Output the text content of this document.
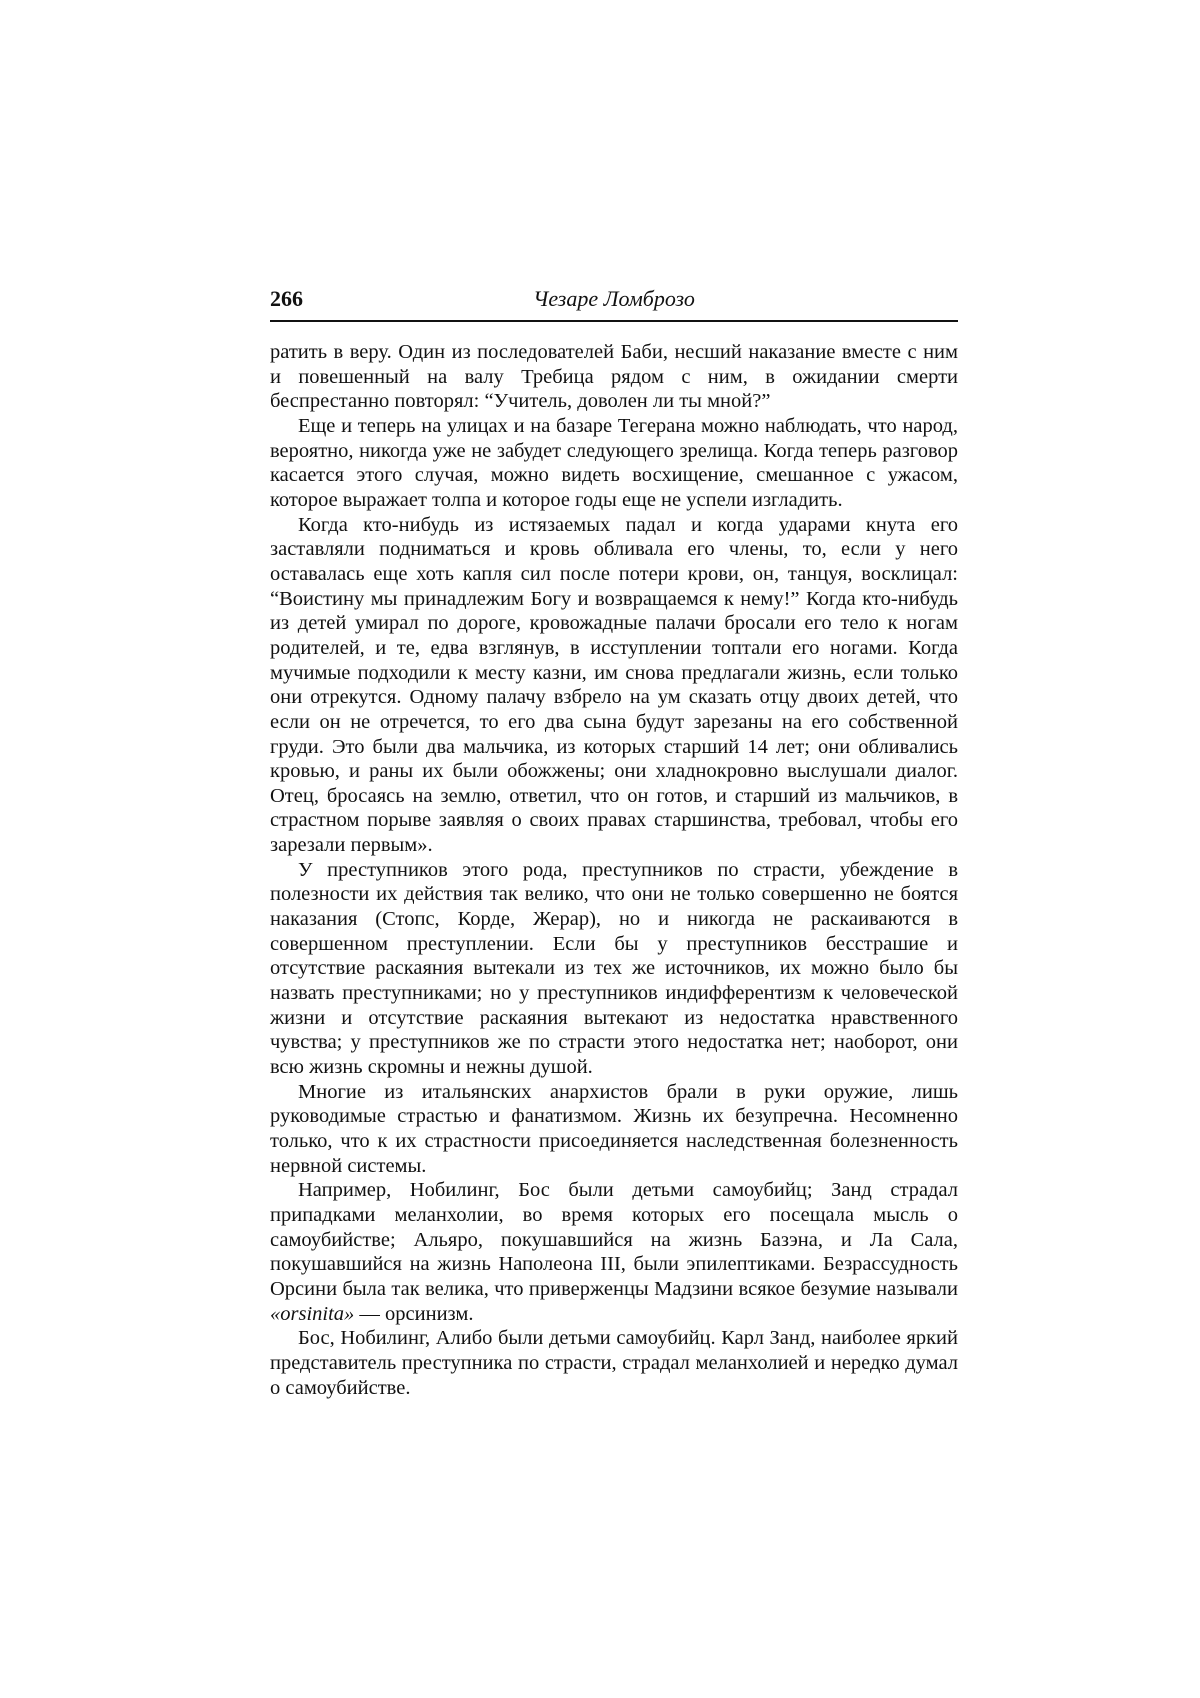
266	Чезаре Ломброзо

ратить в веру. Один из последователей Баби, несший наказание вместе с ним и повешенный на валу Требица рядом с ним, в ожидании смерти беспрестанно повторял: “Учитель, доволен ли ты мной?”

Еще и теперь на улицах и на базаре Тегерана можно наблюдать, что народ, вероятно, никогда уже не забудет следующего зрелища. Когда теперь разговор касается этого случая, можно видеть восхищение, смешанное с ужасом, которое выражает толпа и которое годы еще не успели изгладить.

Когда кто-нибудь из истязаемых падал и когда ударами кнута его заставляли подниматься и кровь обливала его члены, то, если у него оставалась еще хоть капля сил после потери крови, он, танцуя, восклицал: “Воистину мы принадлежим Богу и возвращаемся к нему!” Когда кто-нибудь из детей умирал по дороге, кровожадные палачи бросали его тело к ногам родителей, и те, едва взглянув, в исступлении топтали его ногами. Когда мучимые подходили к месту казни, им снова предлагали жизнь, если только они отрекутся. Одному палачу взбрело на ум сказать отцу двоих детей, что если он не отречется, то его два сына будут зарезаны на его собственной груди. Это были два мальчика, из которых старший 14 лет; они обливались кровью, и раны их были обожжены; они хладнокровно выслушали диалог. Отец, бросаясь на землю, ответил, что он готов, и старший из мальчиков, в страстном порыве заявляя о своих правах старшинства, требовал, чтобы его зарезали первым».

У преступников этого рода, преступников по страсти, убеждение в полезности их действия так велико, что они не только совершенно не боятся наказания (Стопс, Корде, Жерар), но и никогда не раскаиваются в совершенном преступлении. Если бы у преступников бесстрашие и отсутствие раскаяния вытекали из тех же источников, их можно было бы назвать преступниками; но у преступников индифферентизм к человеческой жизни и отсутствие раскаяния вытекают из недостатка нравственного чувства; у преступников же по страсти этого недостатка нет; наоборот, они всю жизнь скромны и нежны душой.

Многие из итальянских анархистов брали в руки оружие, лишь руководимые страстью и фанатизмом. Жизнь их безупречна. Несомненно только, что к их страстности присоединяется наследственная болезненность нервной системы.

Например, Нобилинг, Бос были детьми самоубийц; Занд страдал припадками меланхолии, во время которых его посещала мысль о самоубийстве; Альяро, покушавшийся на жизнь Базэна, и Ла Сала, покушавшийся на жизнь Наполеона III, были эпилептиками. Безрассудность Орсини была так велика, что приверженцы Мадзини всякое безумие называли «orsinita» — орсинизм.

Бос, Нобилинг, Алибо были детьми самоубийц. Карл Занд, наиболее яркий представитель преступника по страсти, страдал меланхолией и нередко думал о самоубийстве.
